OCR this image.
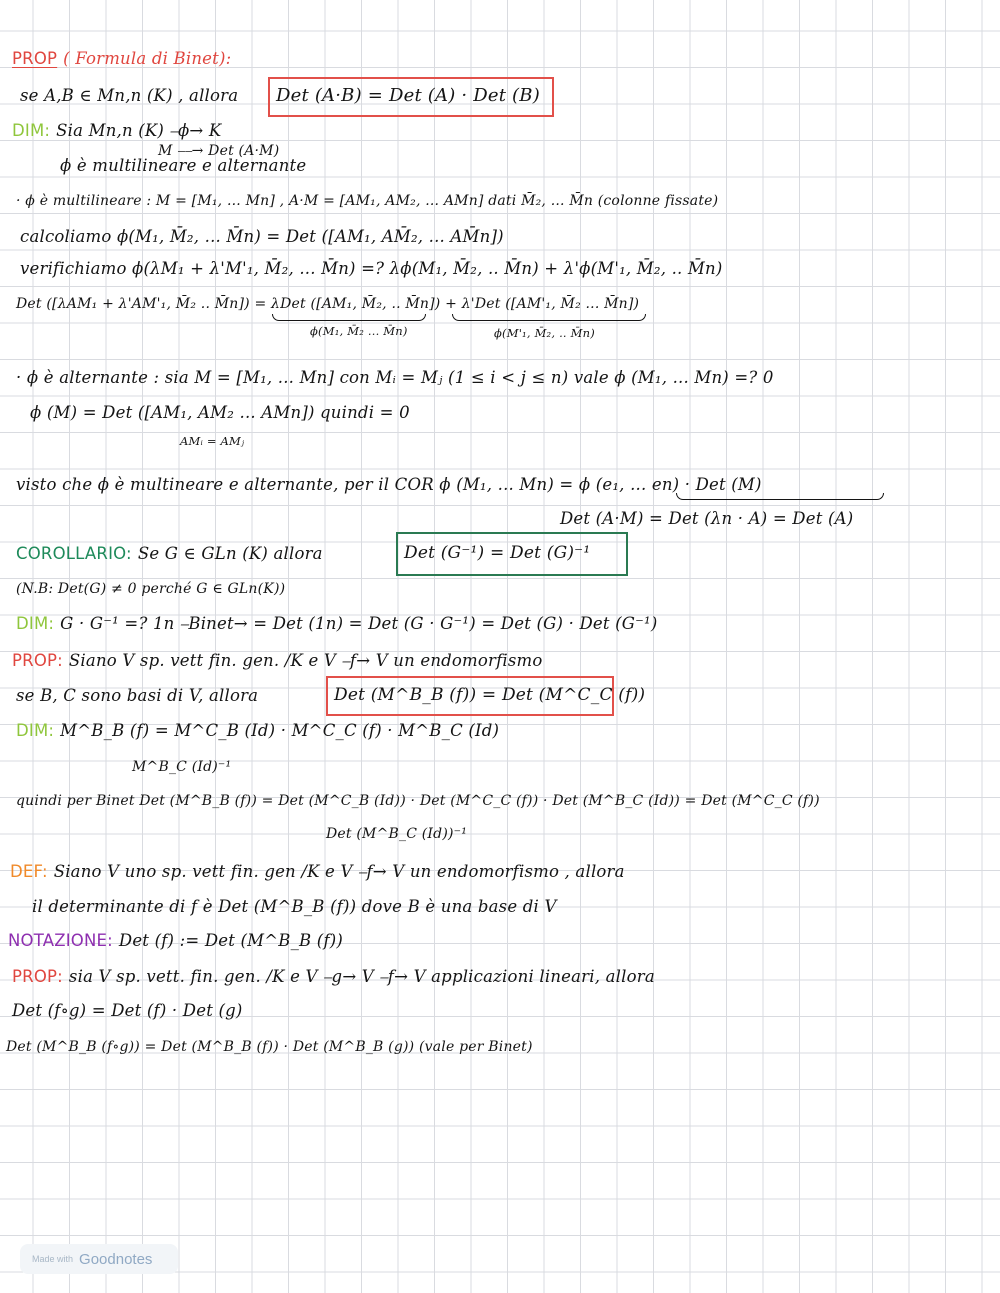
PROP ( Formula di Binet):
se A,B ∈ Mn,n (K) , allora	Det (A·B) = Det (A) · Det (B)
DIM: Sia Mn,n (K) ⎯ϕ→ K
M ⎯⎯→ Det (A·M)
ϕ è multilineare e alternante
· ϕ è multilineare : M = [M₁, ... Mn] , A·M = [AM₁, AM₂, ... AMn] dati M̄₂, ... M̄n (colonne fissate)
calcoliamo ϕ(M₁, M̄₂, ... M̄n) = Det ([AM₁, AM̄₂, ... AM̄n])
verifichiamo ϕ(λM₁ + λ'M'₁, M̄₂, ... M̄n) =? λϕ(M₁, M̄₂, .. M̄n) + λ'ϕ(M'₁, M̄₂, .. M̄n)
Det ([λAM₁ + λ'AM'₁, M̄₂ .. M̄n]) = λDet ([AM₁, M̄₂, .. M̄n]) + λ'Det ([AM'₁, M̄₂ ... M̄n])
ϕ(M₁, M̄₂ ... M̄n)	ϕ(M'₁, M̄₂, .. M̄n)
· ϕ è alternante : sia M = [M₁, ... Mn] con Mᵢ = Mⱼ (1 ≤ i < j ≤ n) vale ϕ (M₁, ... Mn) =? 0
ϕ (M) = Det ([AM₁, AM₂ ... AMn]) quindi = 0
AMᵢ = AMⱼ
visto che ϕ è multineare e alternante, per il COR ϕ (M₁, ... Mn) = ϕ (e₁, ... en) · Det (M)
Det (A·M) = Det (λn · A) = Det (A)
COROLLARIO: Se G ∈ GLn (K) allora	Det (G⁻¹) = Det (G)⁻¹
(N.B: Det(G) ≠ 0 perché G ∈ GLn(K))
DIM: G · G⁻¹ =? 1n ⎯Binet→ = Det (1n) = Det (G · G⁻¹) = Det (G) · Det (G⁻¹)
PROP: Siano V sp. vett fin. gen. /K e V ⎯f→ V un endomorfismo
se B, C sono basi di V, allora	Det (M^B_B (f)) = Det (M^C_C (f))
DIM: M^B_B (f) = M^C_B (Id) · M^C_C (f) · M^B_C (Id)
M^B_C (Id)⁻¹
quindi per Binet Det (M^B_B (f)) = Det (M^C_B (Id)) · Det (M^C_C (f)) · Det (M^B_C (Id)) = Det (M^C_C (f))
Det (M^B_C (Id))⁻¹
DEF: Siano V uno sp. vett fin. gen /K e V ⎯f→ V un endomorfismo , allora
il determinante di f è Det (M^B_B (f)) dove B è una base di V
NOTAZIONE: Det (f) := Det (M^B_B (f))
PROP: sia V sp. vett. fin. gen. /K e V ⎯g→ V ⎯f→ V applicazioni lineari, allora
Det (f∘g) = Det (f) · Det (g)
Det (M^B_B (f∘g)) = Det (M^B_B (f)) · Det (M^B_B (g)) (vale per Binet)
Made with Goodnotes
